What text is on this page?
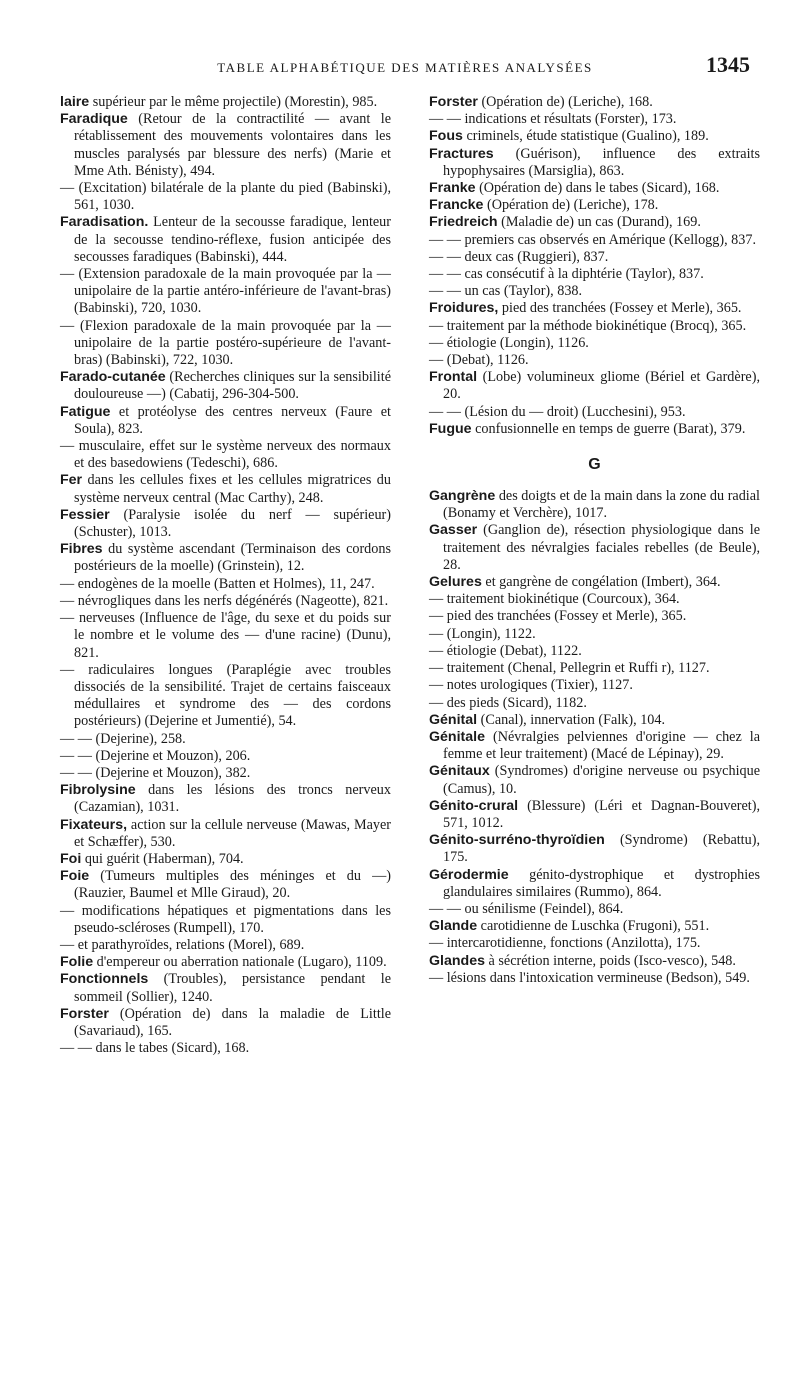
TABLE ALPHABÉTIQUE DES MATIÈRES ANALYSÉES	1345
laire supérieur par le même projectile) (Morestin), 985.
Faradique (Retour de la contractilité — avant le rétablissement des mouvements volontaires dans les muscles paralysés par blessure des nerfs) (Marie et Mme Ath. Bénisty), 494.
— (Excitation) bilatérale de la plante du pied (Babinski), 561, 1030.
Faradisation. Lenteur de la secousse faradique, lenteur de la secousse tendino-réflexe, fusion anticipée des secousses faradiques (Babinski), 444.
— (Extension paradoxale de la main provoquée par la — unipolaire de la partie antéro-inférieure de l'avant-bras) (Babinski), 720, 1030.
— (Flexion paradoxale de la main provoquée par la — unipolaire de la partie postéro-supérieure de l'avant-bras) (Babinski), 722, 1030.
Farado-cutanée (Recherches cliniques sur la sensibilité douloureuse —) (Cabatij, 296-304-500.
Fatigue et protéolyse des centres nerveux (Faure et Soula), 823.
— musculaire, effet sur le système nerveux des normaux et des basedowiens (Tedeschi), 686.
Fer dans les cellules fixes et les cellules migratrices du système nerveux central (Mac Carthy), 248.
Fessier (Paralysie isolée du nerf — supérieur) (Schuster), 1013.
Fibres du système ascendant (Terminaison des cordons postérieurs de la moelle) (Grinstein), 12.
— endogènes de la moelle (Batten et Holmes), 11, 247.
— névrogliques dans les nerfs dégénérés (Nageotte), 821.
— nerveuses (Influence de l'âge, du sexe et du poids sur le nombre et le volume des — d'une racine) (Dunu), 821.
— radiculaires longues (Paraplégie avec troubles dissociés de la sensibilité. Trajet de certains faisceaux médullaires et syndrome des — des cordons postérieurs) (Dejerine et Jumentié), 54.
— — (Dejerine), 258.
— — (Dejerine et Mouzon), 206.
— — (Dejerine et Mouzon), 382.
Fibrolysine dans les lésions des troncs nerveux (Cazamian), 1031.
Fixateurs, action sur la cellule nerveuse (Mawas, Mayer et Schæffer), 530.
Foi qui guérit (Haberman), 704.
Foie (Tumeurs multiples des méninges et du —) (Rauzier, Baumel et Mlle Giraud), 20.
— modifications hépatiques et pigmentations dans les pseudo-scléroses (Rumpell), 170.
— et parathyroïdes, relations (Morel), 689.
Folie d'empereur ou aberration nationale (Lugaro), 1109.
Fonctionnels (Troubles), persistance pendant le sommeil (Sollier), 1240.
Forster (Opération de) dans la maladie de Little (Savariaud), 165.
— — dans le tabes (Sicard), 168.
Forster (Opération de) (Leriche), 168.
— — indications et résultats (Forster), 173.
Fous criminels, étude statistique (Gualino), 189.
Fractures (Guérison), influence des extraits hypophysaires (Marsiglia), 863.
Franke (Opération de) dans le tabes (Sicard), 168.
Francke (Opération de) (Leriche), 178.
Friedreich (Maladie de) un cas (Durand), 169.
— — premiers cas observés en Amérique (Kellogg), 837.
— — deux cas (Ruggieri), 837.
— — cas consécutif à la diphtérie (Taylor), 837.
— — un cas (Taylor), 838.
Froidures, pied des tranchées (Fossey et Merle), 365.
— traitement par la méthode biokinétique (Brocq), 365.
— étiologie (Longin), 1126.
— (Debat), 1126.
Frontal (Lobe) volumineux gliome (Bériel et Gardère), 20.
— — (Lésion du — droit) (Lucchesini), 953.
Fugue confusionnelle en temps de guerre (Barat), 379.
G
Gangrène des doigts et de la main dans la zone du radial (Bonamy et Verchère), 1017.
Gasser (Ganglion de), résection physiologique dans le traitement des névralgies faciales rebelles (de Beule), 28.
Gelures et gangrène de congélation (Imbert), 364.
— traitement biokinétique (Courcoux), 364.
— pied des tranchées (Fossey et Merle), 365.
— (Longin), 1122.
— étiologie (Debat), 1122.
— traitement (Chenal, Pellegrin et Ruffi r), 1127.
— notes urologiques (Tixier), 1127.
— des pieds (Sicard), 1182.
Génital (Canal), innervation (Falk), 104.
Génitale (Névralgies pelviennes d'origine — chez la femme et leur traitement) (Macé de Lépinay), 29.
Génitaux (Syndromes) d'origine nerveuse ou psychique (Camus), 10.
Génito-crural (Blessure) (Léri et Dagnan-Bouveret), 571, 1012.
Génito-surréno-thyroïdien (Syndrome) (Rebattu), 175.
Gérodermie génito-dystrophique et dystrophies glandulaires similaires (Rummo), 864.
— — ou sénilisme (Feindel), 864.
Glande carotidienne de Luschka (Frugoni), 551.
— intercarotidienne, fonctions (Anzilotta), 175.
Glandes à sécrétion interne, poids (Isco-vesco), 548.
— lésions dans l'intoxication vermineuse (Bedson), 549.
